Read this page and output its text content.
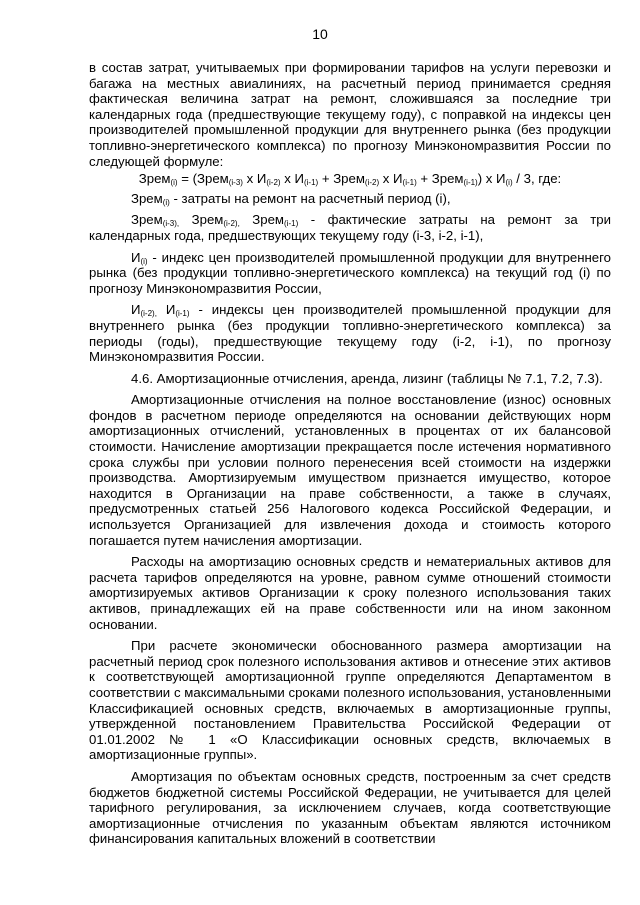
10

в состав затрат, учитываемых при формировании тарифов на услуги перевозки и багажа на местных авиалиниях, на расчетный период принимается средняя фактическая величина затрат на ремонт, сложившаяся за последние три календарных года (предшествующие текущему году), с поправкой на индексы цен производителей промышленной продукции для внутреннего рынка (без продукции топливно-энергетического комплекса) по прогнозу Минэкономразвития России по следующей формуле:

Зрем$_{(i)}$ = (Зрем$_{(i-3)}$ х $И_{(i-2)}$ х $И_{(i-1)}$ + Зрем$_{(i-2)}$ х $И_{(i-1)}$ + Зрем$_{(i-1)}$) х $И_{(i)} / 3$, где:

Зрем$_{(i)}$ - затраты на ремонт на расчетный период (i),

Зрем$_{(i-3),}$ Зрем$_{(i-2),}$ Зрем$_{(i-1)}$ - фактические затраты на ремонт за три календарных года, предшествующих текущему году (i-3, i-2, i-1),

$И_{(i)}$ - индекс цен производителей промышленной продукции для внутреннего рынка (без продукции топливно-энергетического комплекса) на текущий год (i) по прогнозу Минэкономразвития России,

$И_{(i-2),}$ $И_{(i-1)}$ - индексы цен производителей промышленной продукции для внутреннего рынка (без продукции топливно-энергетического комплекса) за периоды (годы), предшествующие текущему году (i-2, i-1), по прогнозу Минэкономразвития России.

4.6. Амортизационные отчисления, аренда, лизинг (таблицы № 7.1, 7.2, 7.3).

Амортизационные отчисления на полное восстановление (износ) основных фондов в расчетном периоде определяются на основании действующих норм амортизационных отчислений, установленных в процентах от их балансовой стоимости. Начисление амортизации прекращается после истечения нормативного срока службы при условии полного перенесения всей стоимости на издержки производства. Амортизируемым имуществом признается имущество, которое находится в Организации на праве собственности, а также в случаях, предусмотренных статьей 256 Налогового кодекса Российской Федерации, и используется Организацией для извлечения дохода и стоимость которого погашается путем начисления амортизации.

Расходы на амортизацию основных средств и нематериальных активов для расчета тарифов определяются на уровне, равном сумме отношений стоимости амортизируемых активов Организации к сроку полезного использования таких активов, принадлежащих ей на праве собственности или на ином законном основании.

При расчете экономически обоснованного размера амортизации на расчетный период срок полезного использования активов и отнесение этих активов к соответствующей амортизационной группе определяются Департаментом в соответствии с максимальными сроками полезного использования, установленными Классификацией основных средств, включаемых в амортизационные группы, утвержденной постановлением Правительства Российской Федерации от 01.01.2002 № 1 «О Классификации основных средств, включаемых в амортизационные группы».

Амортизация по объектам основных средств, построенным за счет средств бюджетов бюджетной системы Российской Федерации, не учитывается для целей тарифного регулирования, за исключением случаев, когда соответствующие амортизационные отчисления по указанным объектам являются источником финансирования капитальных вложений в соответствии
